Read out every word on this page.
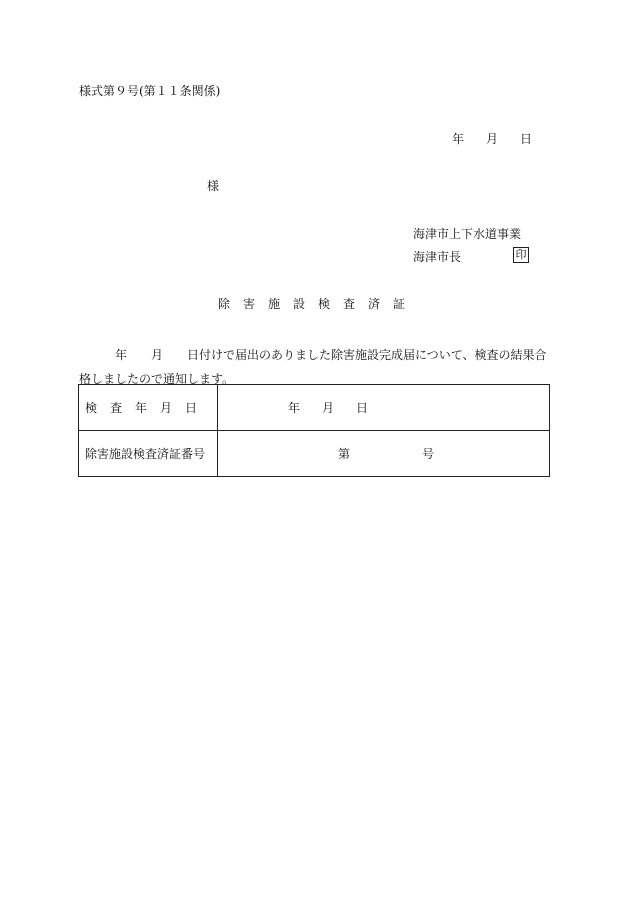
様式第９号(第１１条関係)
年 月 日
様
海津市上下水道事業
海津市長	印
除害施設検査済証
年　　月　　日付けで届出のありました除害施設完成届について、検査の結果合格しましたので通知します。
検査年月日	年 月 日
除害施設検査済証番号	第 号
